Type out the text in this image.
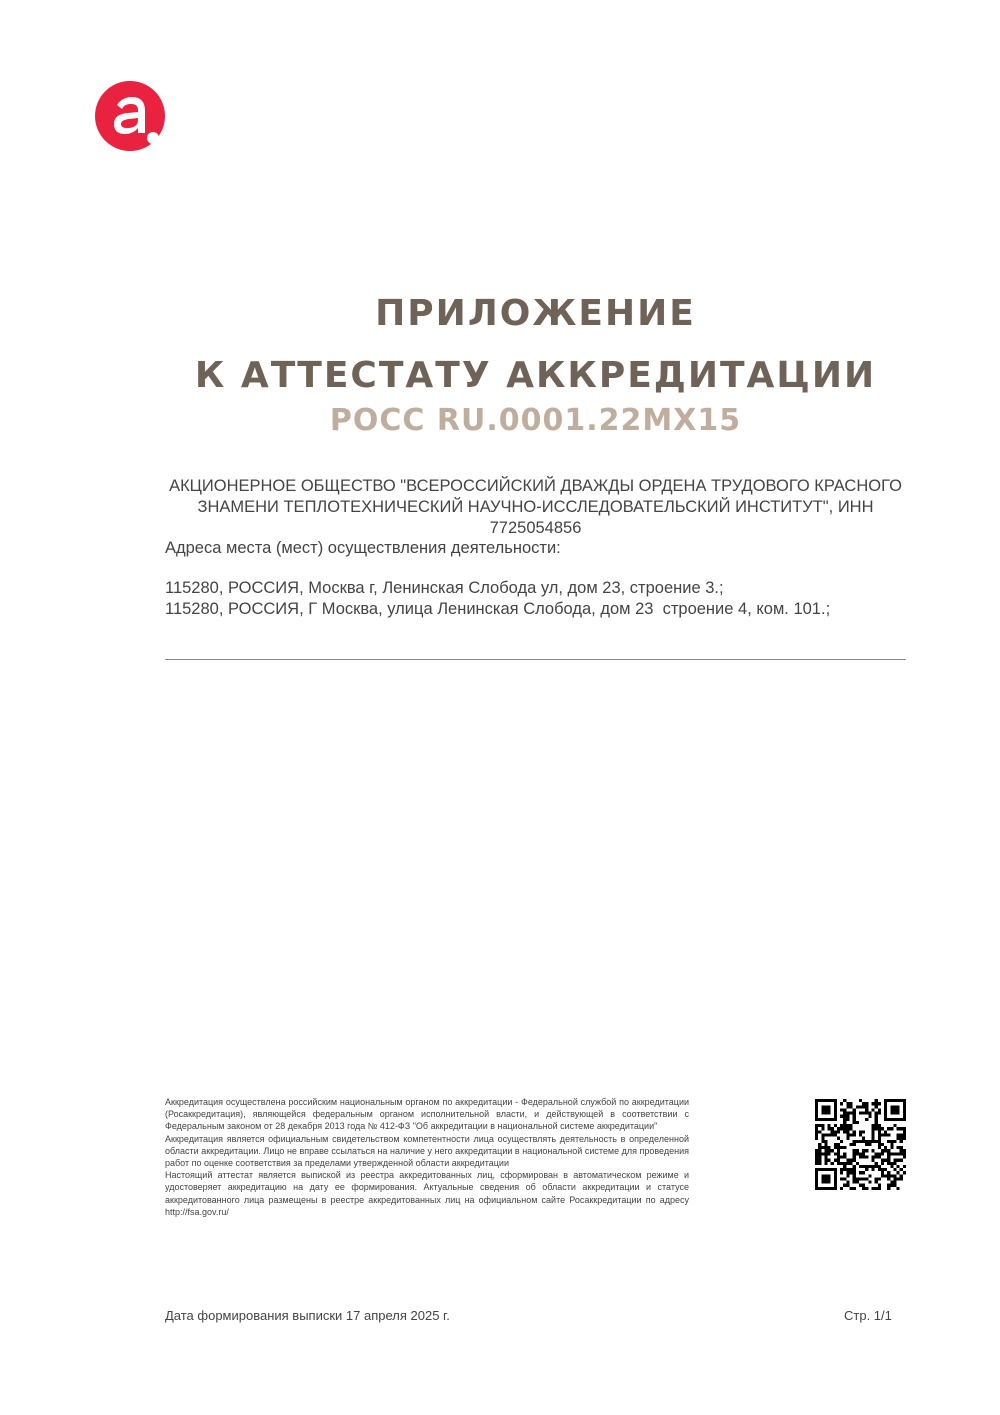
ПРИЛОЖЕНИЕ
К АТТЕСТАТУ АККРЕДИТАЦИИ
РОСС RU.0001.22МХ15
АКЦИОНЕРНОЕ ОБЩЕСТВО "ВСЕРОССИЙСКИЙ ДВАЖДЫ ОРДЕНА ТРУДОВОГО КРАСНОГО ЗНАМЕНИ ТЕПЛОТЕХНИЧЕСКИЙ НАУЧНО-ИССЛЕДОВАТЕЛЬСКИЙ ИНСТИТУТ", ИНН 7725054856
Адреса места (мест) осуществления деятельности:
115280, РОССИЯ, Москва г, Ленинская Слобода ул, дом 23, строение 3.;
115280, РОССИЯ, Г Москва, улица Ленинская Слобода, дом 23  строение 4, ком. 101.;

Аккредитация осуществлена российским национальным органом по аккредитации - Федеральной службой по аккредитации (Росаккредитация), являющейся федеральным органом исполнительной власти, и действующей в соответствии с Федеральным законом от 28 декабря 2013 года № 412-ФЗ "Об аккредитации в национальной системе аккредитации"

Аккредитация является официальным свидетельством компетентности лица осуществлять деятельность в определенной области аккредитации. Лицо не вправе ссылаться на наличие у него аккредитации в национальной системе для проведения работ по оценке соответствия за пределами утвержденной области аккредитации

Настоящий аттестат является выпиской из реестра аккредитованных лиц, сформирован в автоматическом режиме и удостоверяет аккредитацию на дату ее формирования. Актуальные сведения об области аккредитации и статусе аккредитованного лица размещены в реестре аккредитованных лиц на официальном сайте Росаккредитации по адресу http://fsa.gov.ru/

Дата формирования выписки 17 апреля 2025 г.	Стр. 1/1
